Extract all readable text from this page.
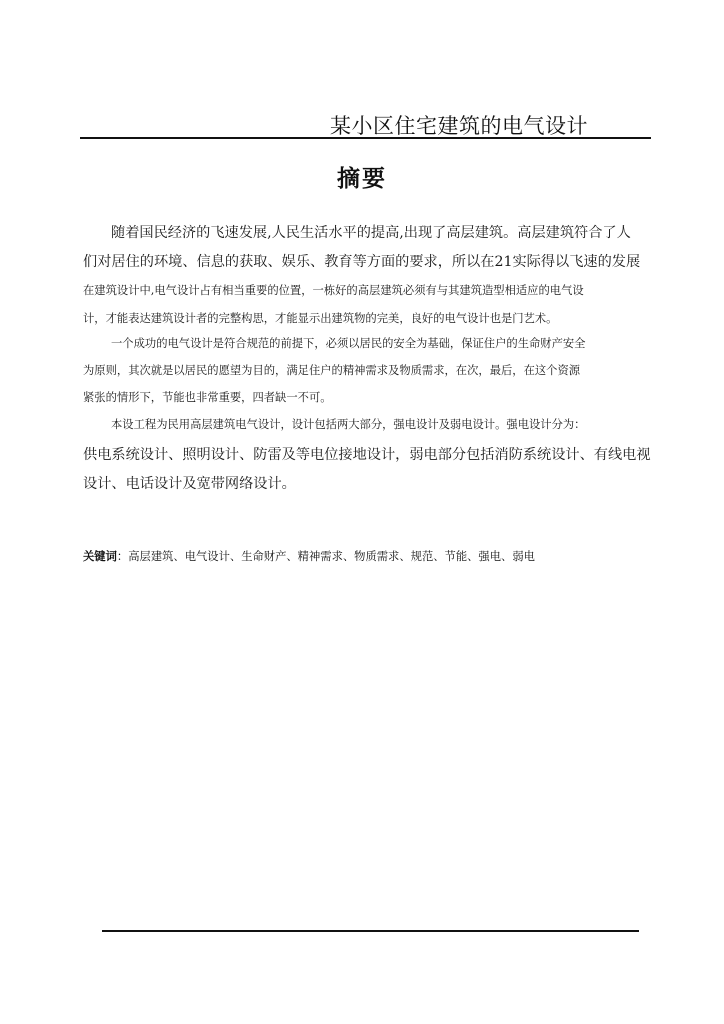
某小区住宅建筑的电气设计
摘要
随着国民经济的飞速发展,人民生活水平的提高,出现了高层建筑。高层建筑符合了人
们对居住的环境、信息的获取、娱乐、教育等方面的要求，所以在21实际得以飞速的发展
在建筑设计中,电气设计占有相当重要的位置，一栋好的高层建筑必须有与其建筑造型相适应的电气设
计，才能表达建筑设计者的完整构思，才能显示出建筑物的完美，良好的电气设计也是门艺术。
一个成功的电气设计是符合规范的前提下，必须以居民的安全为基础，保证住户的生命财产安全
为原则，其次就是以居民的愿望为目的，满足住户的精神需求及物质需求，在次，最后，在这个资源
紧张的情形下，节能也非常重要，四者缺一不可。
本设工程为民用高层建筑电气设计，设计包括两大部分，强电设计及弱电设计。强电设计分为：
供电系统设计、照明设计、防雷及等电位接地设计，弱电部分包括消防系统设计、有线电视
设计、电话设计及宽带网络设计。
关键词：高层建筑、电气设计、生命财产、精神需求、物质需求、规范、节能、强电、弱电
